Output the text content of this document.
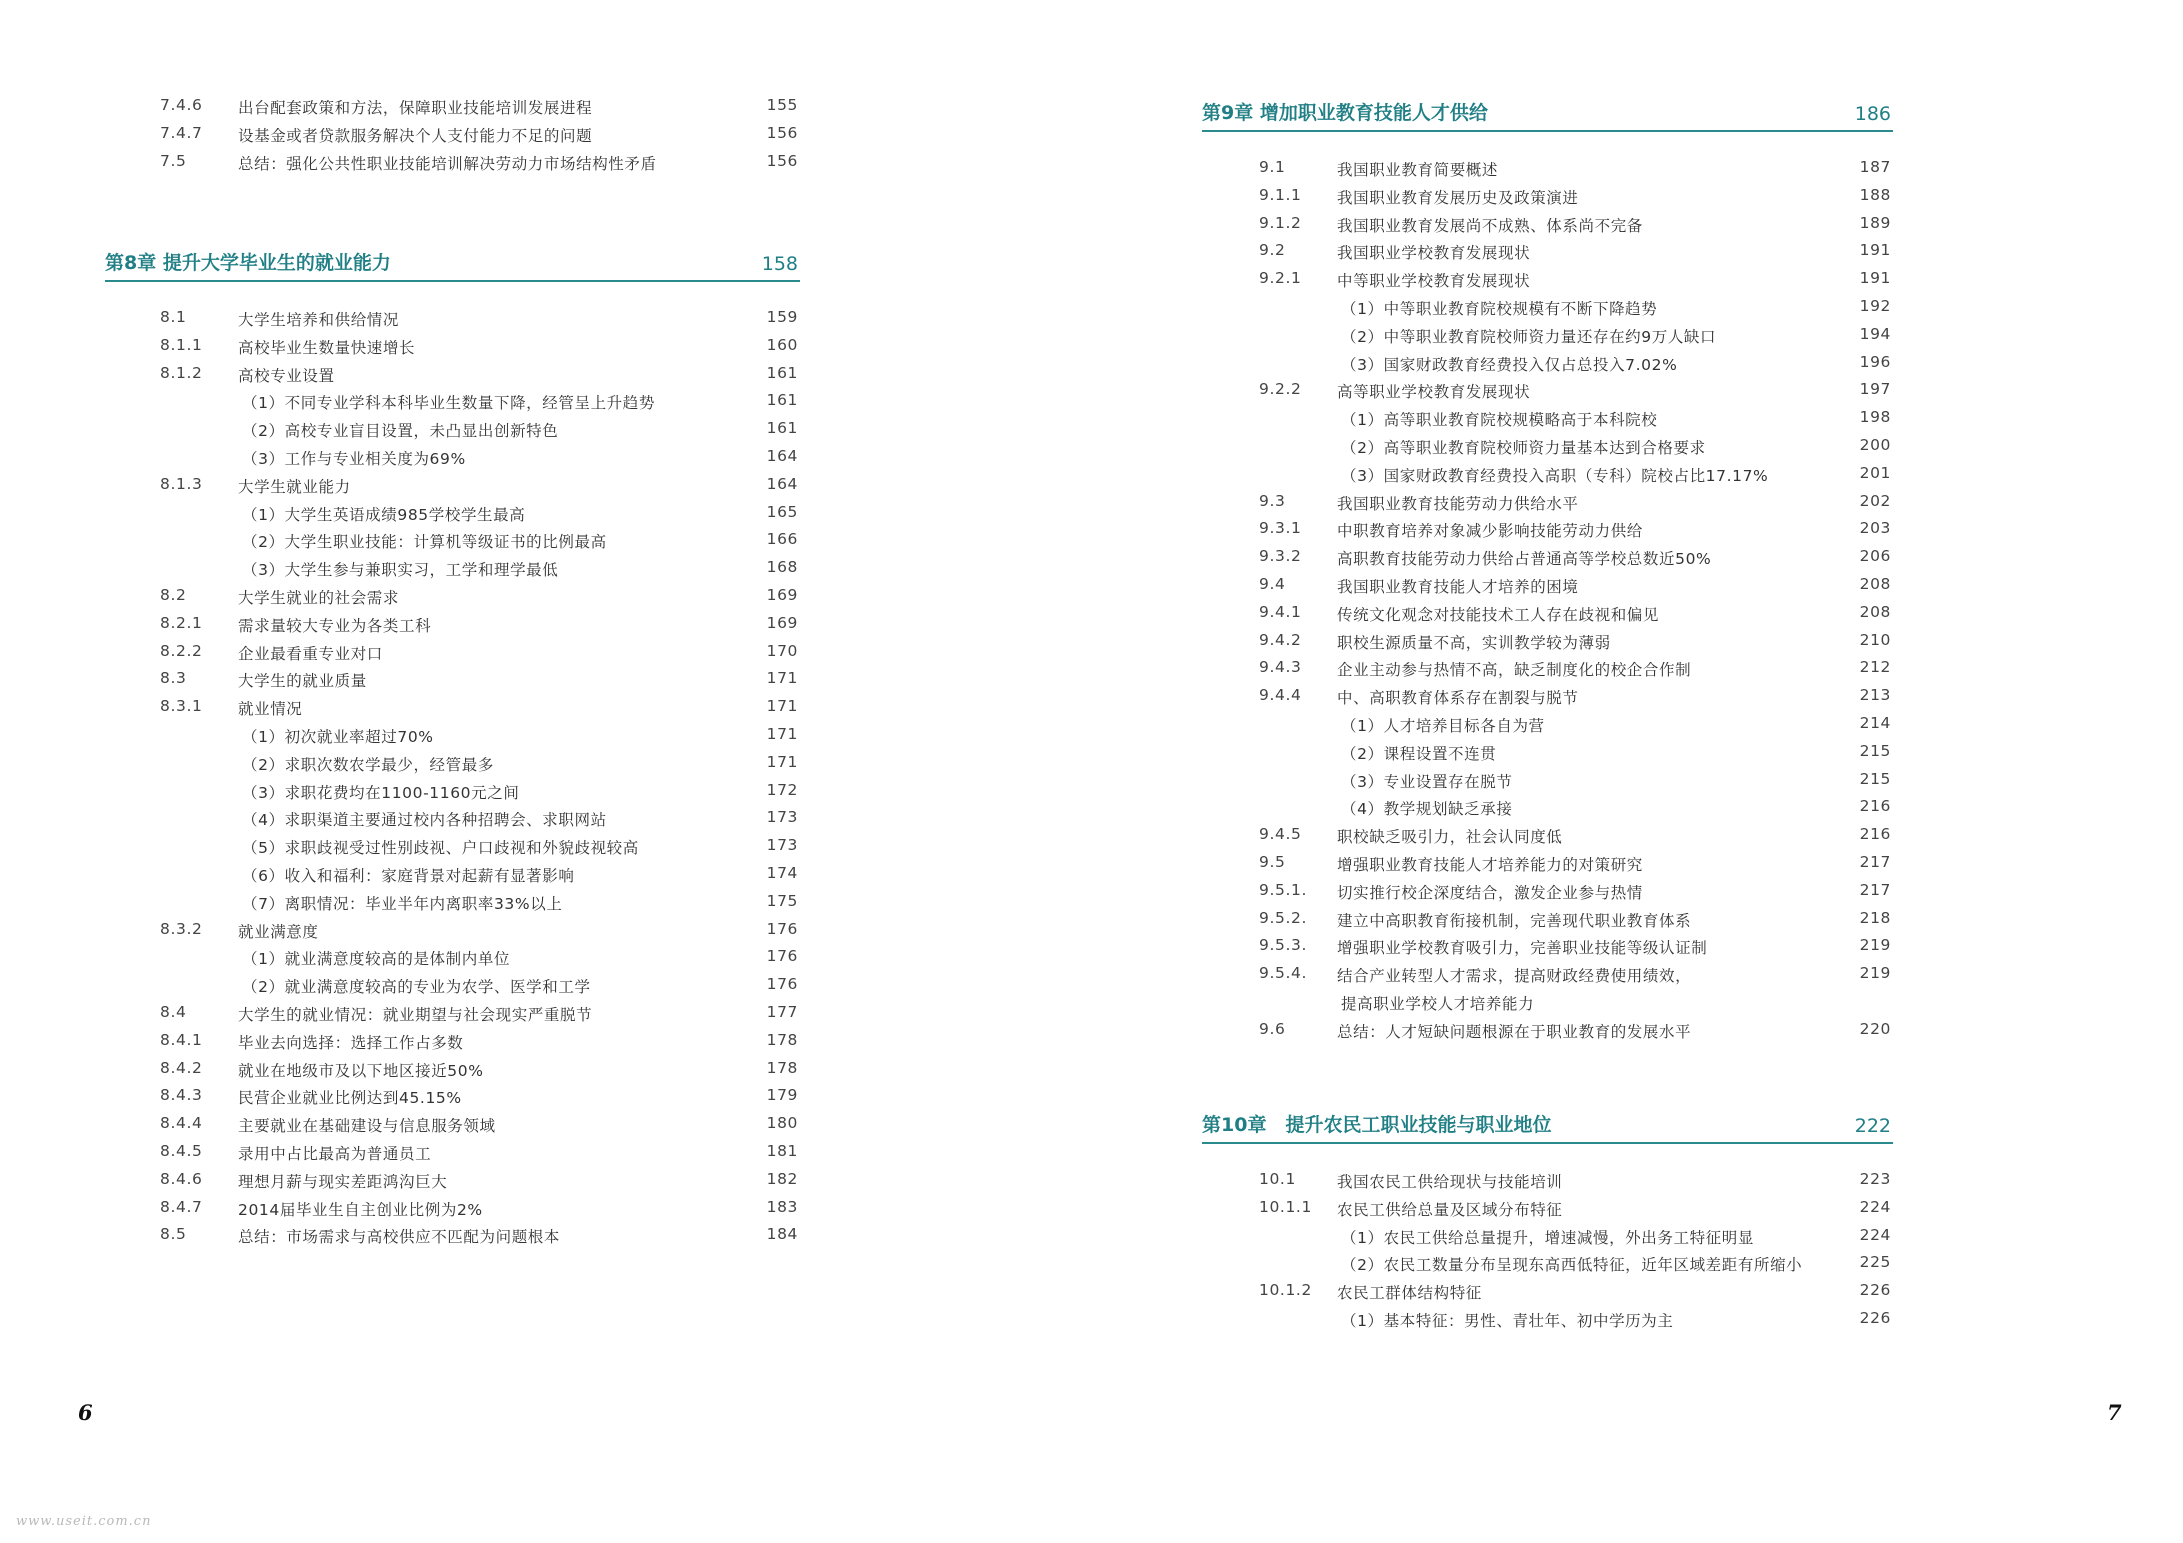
7.4.6 出台配套政策和方法，保障职业技能培训发展进程	155
7.4.7 设基金或者贷款服务解决个人支付能力不足的问题	156
7.5	总结：强化公共性职业技能培训解决劳动力市场结构性矛盾	156
第8章 提升大学毕业生的就业能力	158
8.1	大学生培养和供给情况	159
8.1.1 高校毕业生数量快速增长	160
8.1.2 高校专业设置	161
（1）不同专业学科本科毕业生数量下降，经管呈上升趋势	161
（2）高校专业盲目设置，未凸显出创新特色	161
（3）工作与专业相关度为69%	164
8.1.3 大学生就业能力	164
（1）大学生英语成绩985学校学生最高	165
（2）大学生职业技能：计算机等级证书的比例最高	166
（3）大学生参与兼职实习，工学和理学最低	168
8.2	大学生就业的社会需求	169
8.2.1 需求量较大专业为各类工科	169
8.2.2 企业最看重专业对口	170
8.3	大学生的就业质量	171
8.3.1 就业情况	171
（1）初次就业率超过70%	171
（2）求职次数农学最少，经管最多	171
（3）求职花费均在1100-1160元之间	172
（4）求职渠道主要通过校内各种招聘会、求职网站	173
（5）求职歧视受过性别歧视、户口歧视和外貌歧视较高	173
（6）收入和福利：家庭背景对起薪有显著影响	174
（7）离职情况：毕业半年内离职率33%以上	175
8.3.2 就业满意度	176
（1）就业满意度较高的是体制内单位	176
（2）就业满意度较高的专业为农学、医学和工学	176
8.4	大学生的就业情况：就业期望与社会现实严重脱节	177
8.4.1 毕业去向选择：选择工作占多数	178
8.4.2 就业在地级市及以下地区接近50%	178
8.4.3 民营企业就业比例达到45.15%	179
8.4.4 主要就业在基础建设与信息服务领域	180
8.4.5 录用中占比最高为普通员工	181
8.4.6 理想月薪与现实差距鸿沟巨大	182
8.4.7 2014届毕业生自主创业比例为2%	183
8.5	总结：市场需求与高校供应不匹配为问题根本	184
6
www.useit.com.cn
第9章 增加职业教育技能人才供给	186
9.1	我国职业教育简要概述	187
9.1.1 我国职业教育发展历史及政策演进	188
9.1.2 我国职业教育发展尚不成熟、体系尚不完备	189
9.2	我国职业学校教育发展现状	191
9.2.1 中等职业学校教育发展现状	191
（1）中等职业教育院校规模有不断下降趋势	192
（2）中等职业教育院校师资力量还存在约9万人缺口	194
（3）国家财政教育经费投入仅占总投入7.02%	196
9.2.2 高等职业学校教育发展现状	197
（1）高等职业教育院校规模略高于本科院校	198
（2）高等职业教育院校师资力量基本达到合格要求	200
（3）国家财政教育经费投入高职（专科）院校占比17.17%	201
9.3	我国职业教育技能劳动力供给水平	202
9.3.1 中职教育培养对象减少影响技能劳动力供给	203
9.3.2 高职教育技能劳动力供给占普通高等学校总数近50%	206
9.4	我国职业教育技能人才培养的困境	208
9.4.1 传统文化观念对技能技术工人存在歧视和偏见	208
9.4.2 职校生源质量不高，实训教学较为薄弱	210
9.4.3 企业主动参与热情不高，缺乏制度化的校企合作制	212
9.4.4 中、高职教育体系存在割裂与脱节	213
（1）人才培养目标各自为营	214
（2）课程设置不连贯	215
（3）专业设置存在脱节	215
（4）教学规划缺乏承接	216
9.4.5 职校缺乏吸引力，社会认同度低	216
9.5	增强职业教育技能人才培养能力的对策研究	217
9.5.1. 切实推行校企深度结合，激发企业参与热情	217
9.5.2. 建立中高职教育衔接机制，完善现代职业教育体系	218
9.5.3. 增强职业学校教育吸引力，完善职业技能等级认证制	219
9.5.4. 结合产业转型人才需求，提高财政经费使用绩效，	219
提高职业学校人才培养能力
9.6	总结：人才短缺问题根源在于职业教育的发展水平	220
第10章　提升农民工职业技能与职业地位	222
10.1	我国农民工供给现状与技能培训	223
10.1.1 农民工供给总量及区域分布特征	224
（1）农民工供给总量提升，增速减慢，外出务工特征明显	224
（2）农民工数量分布呈现东高西低特征，近年区域差距有所缩小	225
10.1.2 农民工群体结构特征	226
（1）基本特征：男性、青壮年、初中学历为主	226
7
